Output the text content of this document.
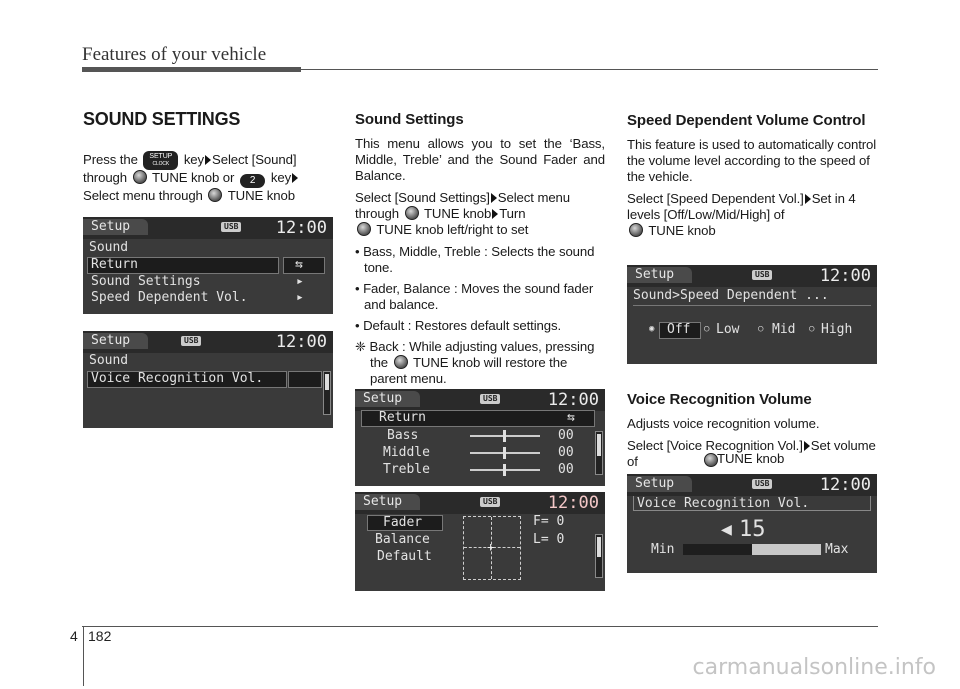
Features of your vehicle

SOUND SETTINGS

Press the SETUP
CLOCK key Select [Sound]

through TUNE knob or 2 key

Select menu through TUNE knob

Setup	USB 12:00
Sound
Return	⇆
Sound Settings	▸
Speed Dependent Vol.	▸
Setup	USB	12:00
Sound
Voice Recognition Vol.

Sound Settings

This menu allows you to set the ‘Bass, Middle, Treble’ and the Sound Fader and Balance.

Select [Sound Settings] Select menu through TUNE knob Turn
TUNE knob left/right to set

• Bass, Middle, Treble : Selects the sound tone.
• Fader, Balance : Moves the sound fader and balance.
• Default : Restores default settings.

❈ Back : While adjusting values, pressing the TUNE knob will restore the parent menu.

Setup	USB	12:00
Return	⇆
Bass	00
Middle	00
Treble	00
Setup	USB	12:00
Fader
Balance
Default
+
F= 0
L= 0

Speed Dependent Volume Control

This feature is used to automatically control the volume level according to the speed of the vehicle.

Select [Speed Dependent Vol.] Set in 4 levels [Off/Low/Mid/High] of
TUNE knob

Setup	USB	12:00
Sound>Speed Dependent ...
◉ Off ○ Low ○ Mid ○ High

Voice Recognition Volume

Adjusts voice recognition volume.

Select [Voice Recognition Vol.] Set volume of

Setup	USB	12:00
Voice Recognition Vol.
◀ 15
Min	Max

TUNE knob

4 182
carmanualsonline.info
